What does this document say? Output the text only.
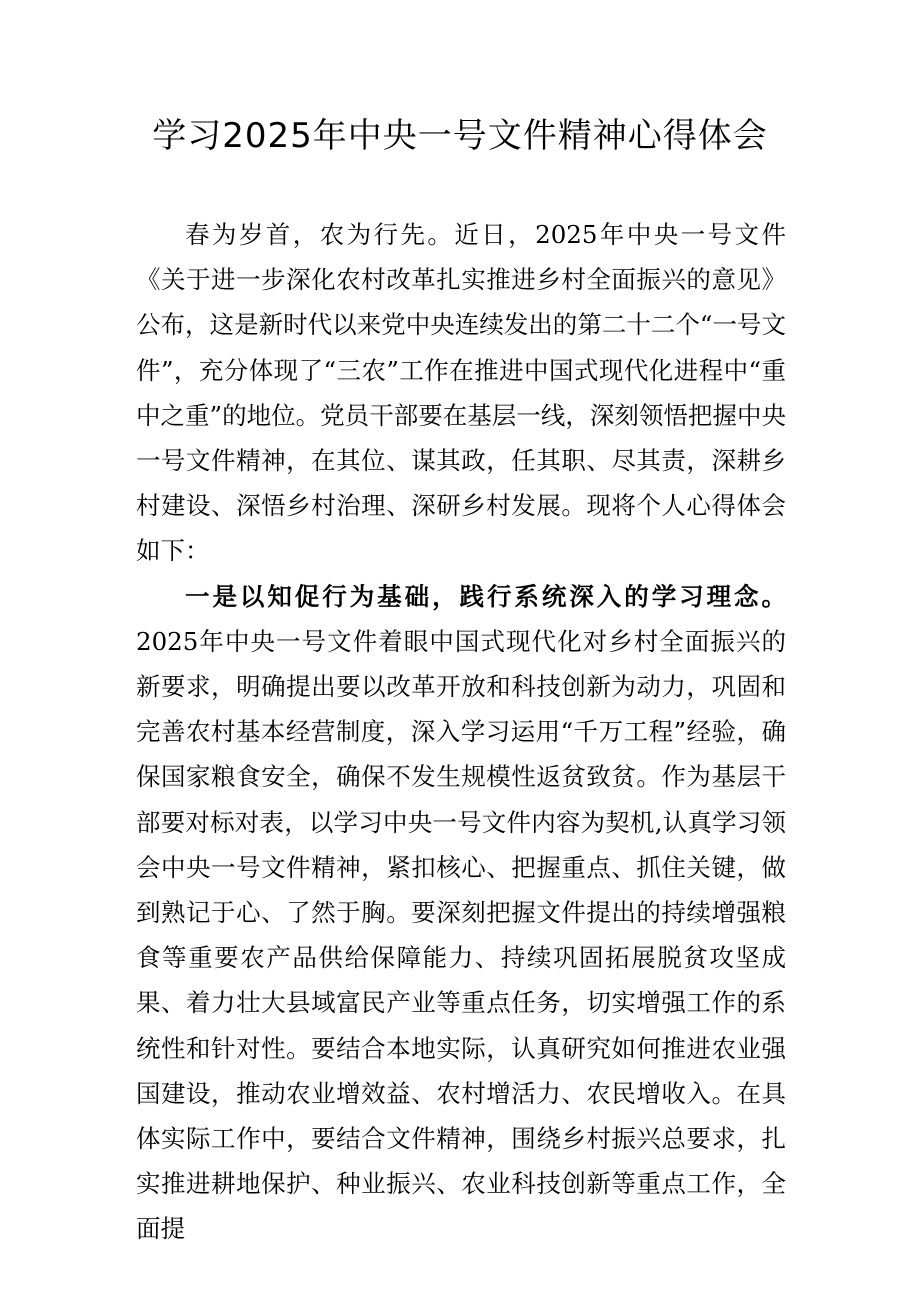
学习2025年中央一号文件精神心得体会

春为岁首，农为行先。近日，2025年中央一号文件《关于进一步深化农村改革扎实推进乡村全面振兴的意见》公布，这是新时代以来党中央连续发出的第二十二个“一号文件”，充分体现了“三农”工作在推进中国式现代化进程中“重中之重”的地位。党员干部要在基层一线，深刻领悟把握中央一号文件精神，在其位、谋其政，任其职、尽其责，深耕乡村建设、深悟乡村治理、深研乡村发展。现将个人心得体会如下：

一是以知促行为基础，践行系统深入的学习理念。2025年中央一号文件着眼中国式现代化对乡村全面振兴的新要求，明确提出要以改革开放和科技创新为动力，巩固和完善农村基本经营制度，深入学习运用“千万工程”经验，确保国家粮食安全，确保不发生规模性返贫致贫。作为基层干部要对标对表，以学习中央一号文件内容为契机,认真学习领会中央一号文件精神，紧扣核心、把握重点、抓住关键，做到熟记于心、了然于胸。要深刻把握文件提出的持续增强粮食等重要农产品供给保障能力、持续巩固拓展脱贫攻坚成果、着力壮大县域富民产业等重点任务，切实增强工作的系统性和针对性。要结合本地实际，认真研究如何推进农业强国建设，推动农业增效益、农村增活力、农民增收入。在具体实际工作中，要结合文件精神，围绕乡村振兴总要求，扎实推进耕地保护、种业振兴、农业科技创新等重点工作，全面提
